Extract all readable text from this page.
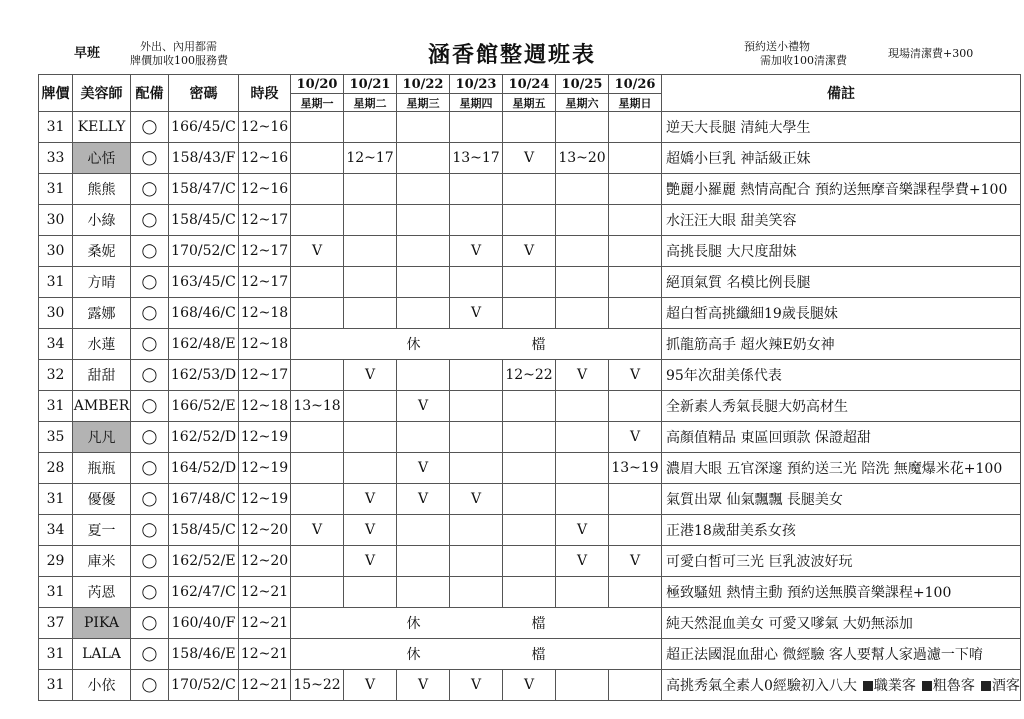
早班	外出、內用都需
牌價加收100服務費	涵香館整週班表	預約送小禮物
需加收100清潔費
現場清潔費+300
牌價	美容師	配備	密碼	時段	10/20	10/21	10/22	10/23	10/24	10/25	10/26	備註
					星期一	星期二	星期三	星期四	星期五	星期六	星期日	
31	KELLY	◯	166/45/C	12~16								逆天大長腿 清純大學生
33	心恬	◯	158/43/F	12~16		12~17		13~17	V	13~20		超嬌小巨乳 神話級正妹
31	熊熊	◯	158/47/C	12~16								艷麗小羅麗 熱情高配合 預約送無摩音樂課程學費+100
30	小綠	◯	158/45/C	12~17								水汪汪大眼 甜美笑容
30	桑妮	◯	170/52/C	12~17	V			V	V			高挑長腿 大尺度甜妹
31	方晴	◯	163/45/C	12~17								絕頂氣質 名模比例長腿
30	露娜	◯	168/46/C	12~18				V				超白皙高挑纖細19歲長腿妹
34	水蓮	◯	162/48/E	12~18	休 檔							抓龍筋高手 超火辣E奶女神
32	甜甜	◯	162/53/D	12~17		V			12~22	V	V	95年次甜美係代表
31	AMBER	◯	166/52/E	12~18	13~18		V					全新素人秀氣長腿大奶高材生
35	凡凡	◯	162/52/D	12~19							V	高顏值精品 東區回頭款 保證超甜
28	瓶瓶	◯	164/52/D	12~19			V				13~19	濃眉大眼 五官深邃 預約送三光 陪洗 無魔爆米花+100
31	優優	◯	167/48/C	12~19		V	V	V				氣質出眾 仙氣飄飄 長腿美女
34	夏一	◯	158/45/C	12~20	V	V				V		正港18歲甜美系女孩
29	庫米	◯	162/52/E	12~20		V				V	V	可愛白皙可三光 巨乳波波好玩
31	芮恩	◯	162/47/C	12~21								極致騷妞 熱情主動 預約送無膜音樂課程+100
37	PIKA	◯	160/40/F	12~21	休 檔							純天然混血美女 可愛又嗲氣 大奶無添加
31	LALA	◯	158/46/E	12~21	休 檔							超正法國混血甜心 微經驗 客人要幫人家過濾一下唷
31	小依	◯	170/52/C	12~21	15~22	V	V	V	V			高挑秀氣全素人0經驗初入八大 職業客 粗魯客 酒客
